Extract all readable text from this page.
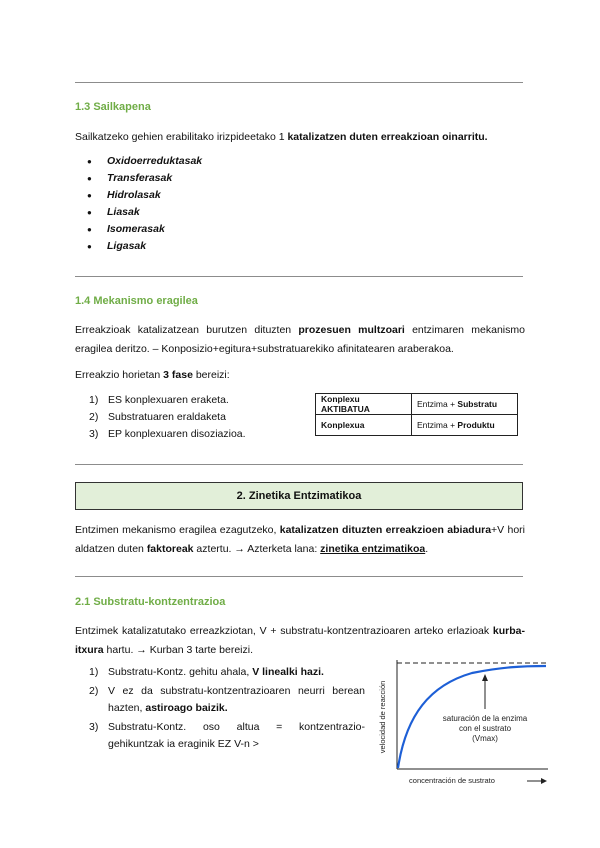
1.3 Sailkapena
Sailkatzeko gehien erabilitako irizpideetako 1 katalizatzen duten erreakzioan oinarritu.
● Oxidoerreduktasak
● Transferasak
● Hidrolasak
● Liasak
● Isomerasak
● Ligasak
1.4 Mekanismo eragilea
Erreakzioak katalizatzean burutzen dituzten prozesuen multzoari entzimaren mekanismo eragilea deritzo. – Konposizio+egitura+substratuarekiko afinitatearen araberakoa.
Erreakzio horietan 3 fase bereizi:
1) ES konplexuaren eraketa.
2) Substratuaren eraldaketa
3) EP konplexuaren disoziazioa.
Konplexu AKTIBATUA	Entzima + Substratu
Konplexua	Entzima + Produktu
2. Zinetika Entzimatikoa
Entzimen mekanismo eragilea ezagutzeko, katalizatzen dituzten erreakzioen abiadura+V hori aldatzen duten faktoreak aztertu. → Azterketa lana: zinetika entzimatikoa.
2.1 Substratu-kontzentrazioa
Entzimek katalizatutako erreazkziotan, V + substratu-kontzentrazioaren arteko erlazioak kurba-itxura hartu. → Kurban 3 tarte bereizi.
1) Substratu-Kontz. gehitu ahala, V linealki hazi.
2) V ez da substratu-kontzentrazioaren neurri berean hazten, astiroago baizik.
3) Substratu-Kontz. oso altua = kontzentrazio-gehikuntzak ia eraginik EZ V-n >
saturación de la enzima
con el sustrato
(Vmax)
velocidad de reacción
concentración de sustrato
